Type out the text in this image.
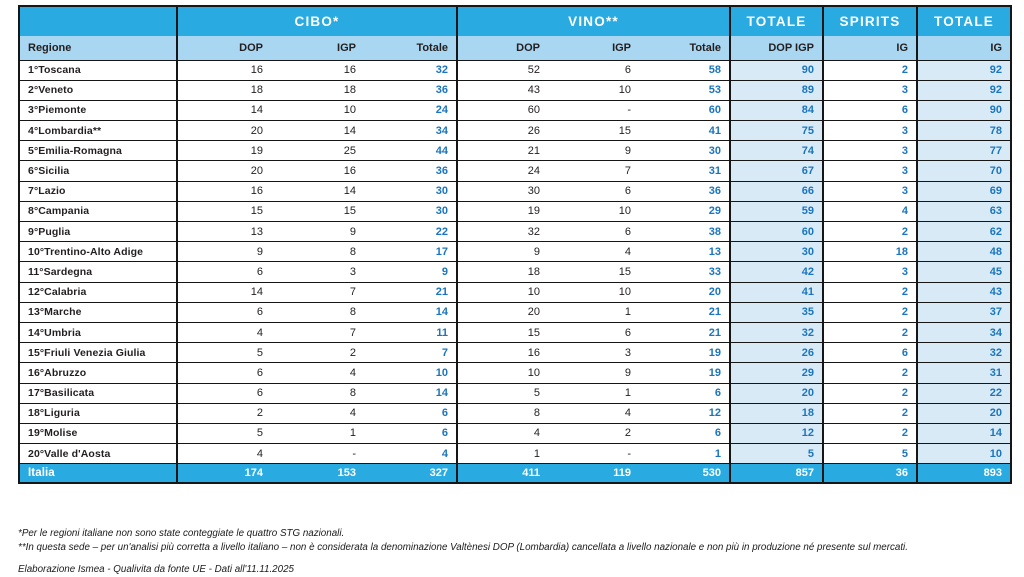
	CIBO*			VINO**			TOTALE	SPIRITS	TOTALE
Regione	DOP	IGP	Totale	DOP	IGP	Totale	DOP IGP	IG	IG
1°Toscana	16	16	32	52	6	58	90	2	92
2°Veneto	18	18	36	43	10	53	89	3	92
3°Piemonte	14	10	24	60	-	60	84	6	90
4°Lombardia**	20	14	34	26	15	41	75	3	78
5°Emilia-Romagna	19	25	44	21	9	30	74	3	77
6°Sicilia	20	16	36	24	7	31	67	3	70
7°Lazio	16	14	30	30	6	36	66	3	69
8°Campania	15	15	30	19	10	29	59	4	63
9°Puglia	13	9	22	32	6	38	60	2	62
10°Trentino-Alto Adige	9	8	17	9	4	13	30	18	48
11°Sardegna	6	3	9	18	15	33	42	3	45
12°Calabria	14	7	21	10	10	20	41	2	43
13°Marche	6	8	14	20	1	21	35	2	37
14°Umbria	4	7	11	15	6	21	32	2	34
15°Friuli Venezia Giulia	5	2	7	16	3	19	26	6	32
16°Abruzzo	6	4	10	10	9	19	29	2	31
17°Basilicata	6	8	14	5	1	6	20	2	22
18°Liguria	2	4	6	8	4	12	18	2	20
19°Molise	5	1	6	4	2	6	12	2	14
20°Valle d'Aosta	4	-	4	1	-	1	5	5	10
Italia	174	153	327	411	119	530	857	36	893
*Per le regioni italiane non sono state conteggiate le quattro STG nazionali.
**In questa sede – per un'analisi più corretta a livello italiano – non è considerata la denominazione Valtènesi DOP (Lombardia) cancellata a livello nazionale e non più in produzione né presente sul mercati.
Elaborazione Ismea - Qualivita da fonte UE - Dati all'11.11.2025
